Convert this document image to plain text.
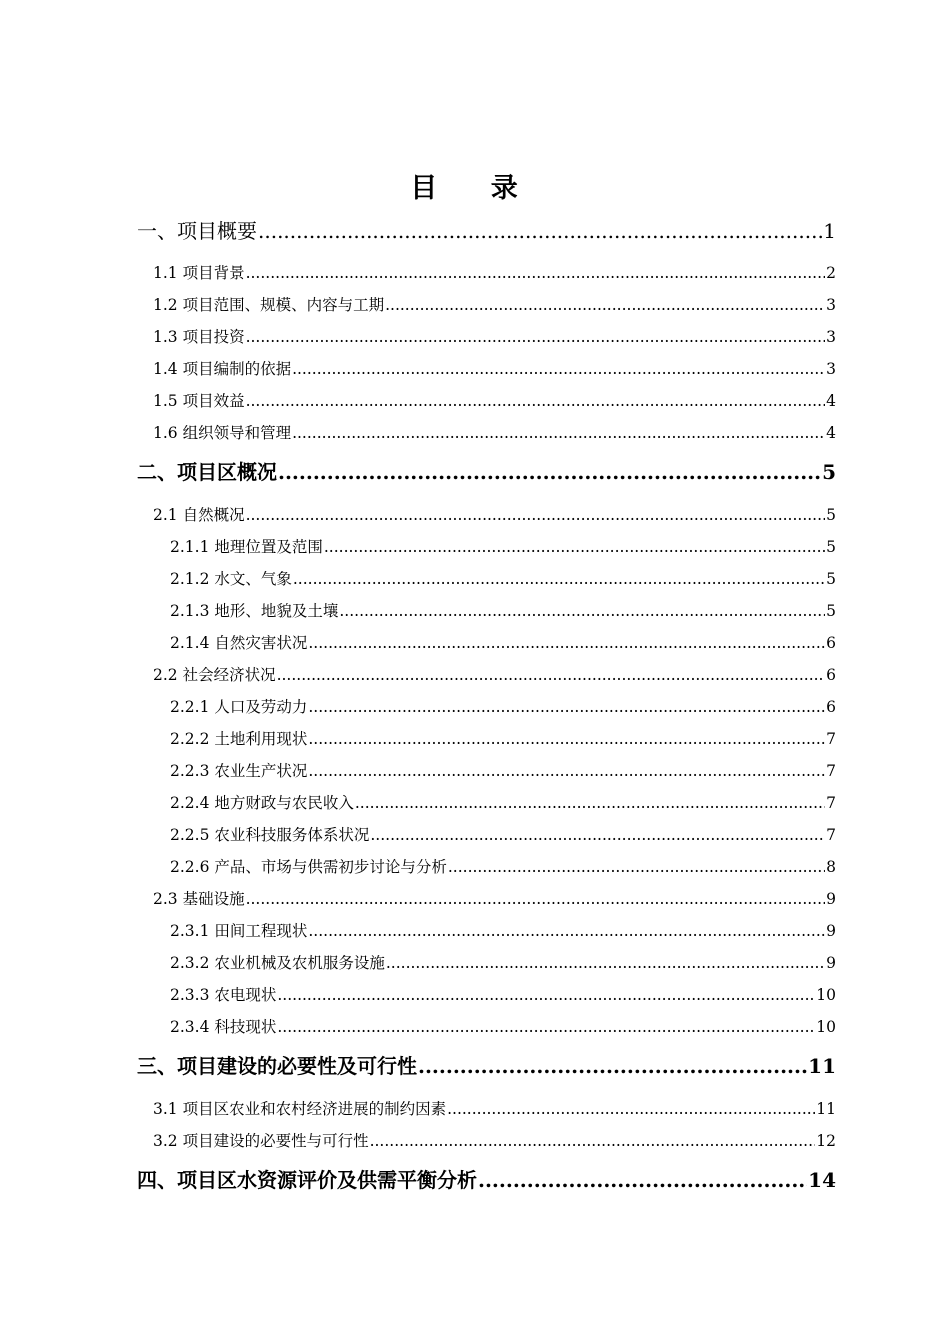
目 录
一、项目概要 .....	1
1.1 项目背景 .....	2
1.2 项目范围、规模、内容与工期 .....	3
1.3 项目投资 .....	3
1.4 项目编制的依据 .....	3
1.5 项目效益 .....	4
1.6 组织领导和管理 .....	4
二、项目区概况 .....	5
2.1 自然概况 .....	5
2.1.1 地理位置及范围 .....	5
2.1.2 水文、气象 .....	5
2.1.3 地形、地貌及土壤 .....	5
2.1.4 自然灾害状况 .....	6
2.2 社会经济状况 .....	6
2.2.1 人口及劳动力 .....	6
2.2.2 土地利用现状 .....	7
2.2.3 农业生产状况 .....	7
2.2.4 地方财政与农民收入 .....	7
2.2.5 农业科技服务体系状况 .....	7
2.2.6 产品、市场与供需初步讨论与分析 .....	8
2.3 基础设施 .....	9
2.3.1 田间工程现状 .....	9
2.3.2 农业机械及农机服务设施 .....	9
2.3.3 农电现状 .....	10
2.3.4 科技现状 .....	10
三、项目建设的必要性及可行性 .....	11
3.1 项目区农业和农村经济进展的制约因素 .....	11
3.2 项目建设的必要性与可行性 .....	12
四、项目区水资源评价及供需平衡分析 .....	14
